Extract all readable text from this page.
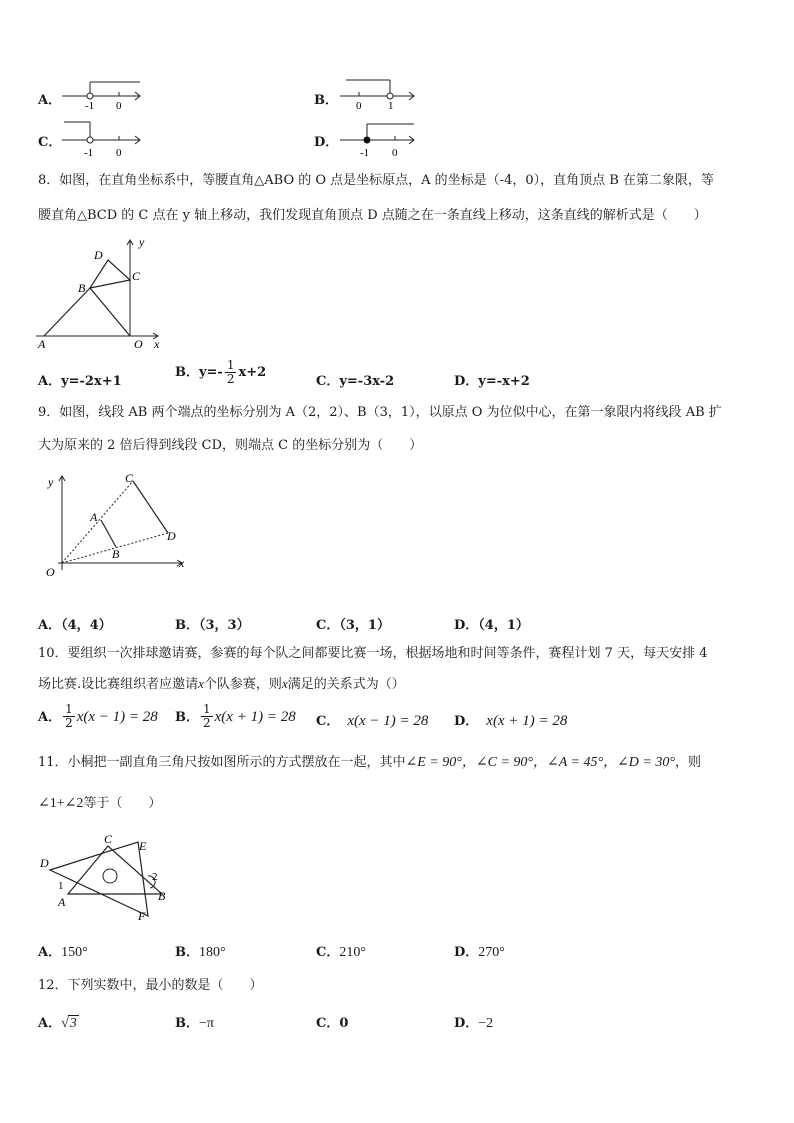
A． -1 0	B． 0 1
C．
-1 0
D．
-1 0
8．如图，在直角坐标系中，等腰直角△ABO 的 O 点是坐标原点，A 的坐标是（-4，0），直角顶点 B 在第二象限，等
腰直角△BCD 的 C 点在 y 轴上移动，我们发现直角顶点 D 点随之在一条直线上移动，这条直线的解析式是（　　）
D
C
B
A	O x
y
A．y=-2x+1
B．$y=- \frac{1}{2} x+2$
C．y=-3x-2	D．y=-x+2
9．如图，线段 AB 两个端点的坐标分别为 A（2，2）、B（3，1），以原点 O 为位似中心，在第一象限内将线段 AB 扩
大为原来的 2 倍后得到线段 CD，则端点 C 的坐标分别为（　　）
y
x
O
A
B
C
D
A．（4，4）	B．（3，3）	C．（3，1）	D．（4，1）
10．要组织一次排球邀请赛，参赛的每个队之间都要比赛一场，根据场地和时间等条件，赛程计划 7 天，每天安排 4
场比赛.设比赛组织者应邀请x个队参赛，则x满足的关系式为（）
A． $\frac{1}{2} x(x - 1) = 28$ B． $\frac{1}{2} x(x + 1) = 28$ C． x(x − 1) = 28 D． x(x + 1) = 28
11．小桐把一副直角三角尺按如图所示的方式摆放在一起，其中∠E = 90°，∠C = 90°，∠A = 45°，∠D = 30°，则
∠1+∠2等于（　　）
C E
D
1
2
A	B
F
A．150°	B．180°	C．210°	D．270°
12．下列实数中，最小的数是（　　）
A．√3	B．−π	C．0	D．−2
